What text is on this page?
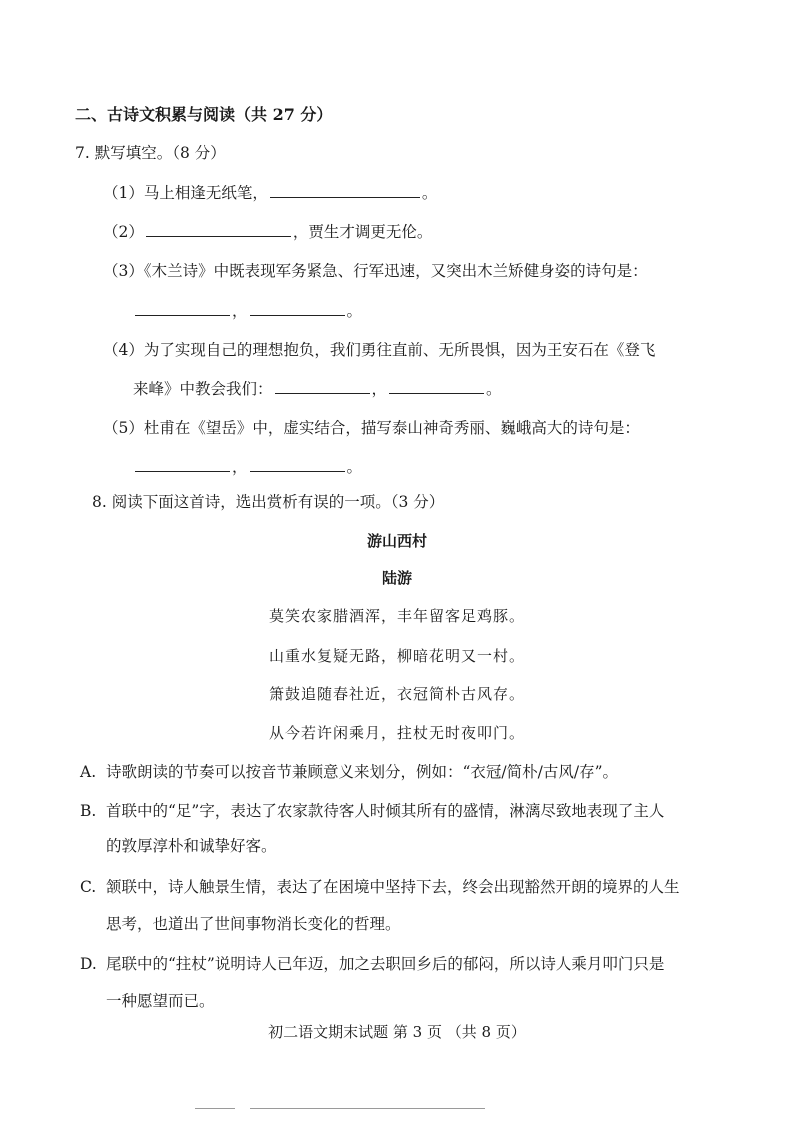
二、古诗文积累与阅读（共 27 分）
7. 默写填空。（8 分）
（1）马上相逢无纸笔，	。
（2）	，贾生才调更无伦。
（3）《木兰诗》中既表现军务紧急、行军迅速，又突出木兰矫健身姿的诗句是：
，	。
（4）为了实现自己的理想抱负，我们勇往直前、无所畏惧，因为王安石在《登飞
来峰》中教会我们：	，	。
（5）杜甫在《望岳》中，虚实结合，描写泰山神奇秀丽、巍峨高大的诗句是：
，	。
8. 阅读下面这首诗，选出赏析有误的一项。（3 分）
游山西村
陆游
莫笑农家腊酒浑，丰年留客足鸡豚。
山重水复疑无路，柳暗花明又一村。
箫鼓追随春社近，衣冠简朴古风存。
从今若许闲乘月，拄杖无时夜叩门。
A. 诗歌朗读的节奏可以按音节兼顾意义来划分，例如：“衣冠/简朴/古风/存”。
B. 首联中的“足”字，表达了农家款待客人时倾其所有的盛情，淋漓尽致地表现了主人
的敦厚淳朴和诚挚好客。
C. 颔联中，诗人触景生情，表达了在困境中坚持下去，终会出现豁然开朗的境界的人生
思考，也道出了世间事物消长变化的哲理。
D. 尾联中的“拄杖”说明诗人已年迈，加之去职回乡后的郁闷，所以诗人乘月叩门只是
一种愿望而已。
初二语文期末试题 第 3 页 （共 8 页）
